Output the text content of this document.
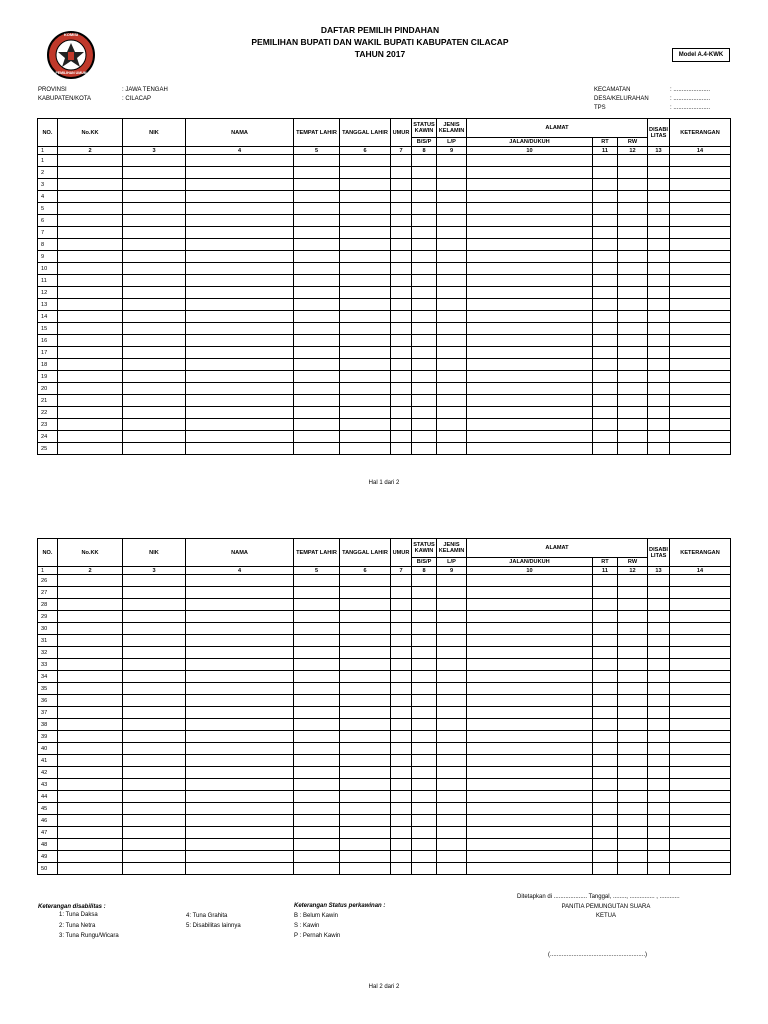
KOMISI
PEMILIHAN UMUM
DAFTAR PEMILIH PINDAHAN
PEMILIHAN BUPATI DAN WAKIL BUPATI KABUPATEN CILACAP
TAHUN 2017	Model A.4-KWK
PROVINSI	: JAWA TENGAH
KABUPATEN/KOTA	: CILACAP
KECAMATAN	: ......................
DESA/KELURAHAN	: ......................
TPS	: ......................
NO.	No.KK	NIK	NAMA	TEMPAT LAHIR	TANGGAL LAHIR	UMUR	STATUS KAWIN	JENIS KELAMIN	ALAMAT			DISABI LITAS	KETERANGAN
							B/S/P	L/P	JALAN/DUKUH	RT	RW		
1	2	3	4	5	6	7	8	9	10	11	12	13	14
1													
2													
3													
4													
5													
6													
7													
8													
9													
10													
11													
12													
13													
14													
15													
16													
17													
18													
19													
20													
21													
22													
23													
24													
25													
Hal 1 dari 2
NO.	No.KK	NIK	NAMA	TEMPAT LAHIR	TANGGAL LAHIR	UMUR	STATUS KAWIN	JENIS KELAMIN	ALAMAT			DISABI LITAS	KETERANGAN
							B/S/P	L/P	JALAN/DUKUH	RT	RW		
1	2	3	4	5	6	7	8	9	10	11	12	13	14
26													
27													
28													
29													
30													
31													
32													
33													
34													
35													
36													
37													
38													
39													
40													
41													
42													
43													
44													
45													
46													
47													
48													
49													
50													
Keterangan disabilitas :
1: Tuna Daksa
2: Tuna Netra
3: Tuna Rungu/Wicara
4: Tuna Grahita
5: Disabilitas lainnya
Keterangan Status perkawinan :
B : Belum Kawin
S : Kawin
P : Pernah Kawin
Ditetapkan di .................... Tanggal, ........, ............... , ............
PANITIA PEMUNGUTAN SUARA
KETUA
(.........................................................)
Hal 2 dari 2
